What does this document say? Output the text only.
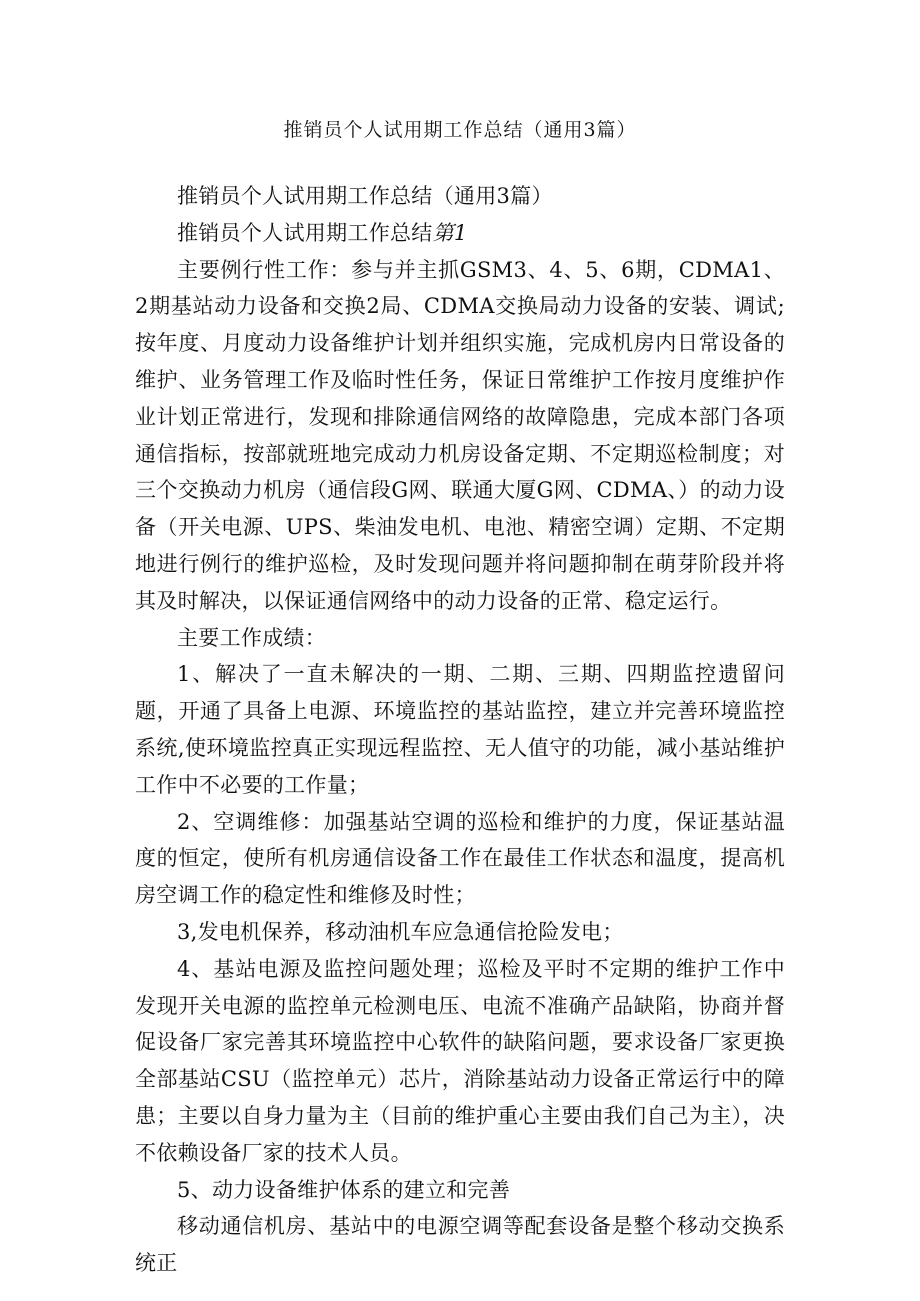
推销员个人试用期工作总结（通用3篇）

推销员个人试用期工作总结（通用3篇）

推销员个人试用期工作总结第1

主要例行性工作：参与并主抓GSM3、4、5、6期，CDMA1、2期基站动力设备和交换2局、CDMA交换局动力设备的安装、调试;按年度、月度动力设备维护计划并组织实施，完成机房内日常设备的维护、业务管理工作及临时性任务，保证日常维护工作按月度维护作业计划正常进行，发现和排除通信网络的故障隐患，完成本部门各项通信指标，按部就班地完成动力机房设备定期、不定期巡检制度；对三个交换动力机房（通信段G网、联通大厦G网、CDMA、）的动力设备（开关电源、UPS、柴油发电机、电池、精密空调）定期、不定期地进行例行的维护巡检，及时发现问题并将问题抑制在萌芽阶段并将其及时解决，以保证通信网络中的动力设备的正常、稳定运行。

主要工作成绩：

1、解决了一直未解决的一期、二期、三期、四期监控遗留问题，开通了具备上电源、环境监控的基站监控，建立并完善环境监控系统,使环境监控真正实现远程监控、无人值守的功能，减小基站维护工作中不必要的工作量；

2、空调维修：加强基站空调的巡检和维护的力度，保证基站温度的恒定，使所有机房通信设备工作在最佳工作状态和温度，提高机房空调工作的稳定性和维修及时性；

3,发电机保养，移动油机车应急通信抢险发电；

4、基站电源及监控问题处理；巡检及平时不定期的维护工作中发现开关电源的监控单元检测电压、电流不准确产品缺陷，协商并督促设备厂家完善其环境监控中心软件的缺陷问题，要求设备厂家更换全部基站CSU（监控单元）芯片，消除基站动力设备正常运行中的障患；主要以自身力量为主（目前的维护重心主要由我们自己为主），决不依赖设备厂家的技术人员。

5、动力设备维护体系的建立和完善

移动通信机房、基站中的电源空调等配套设备是整个移动交换系统正
